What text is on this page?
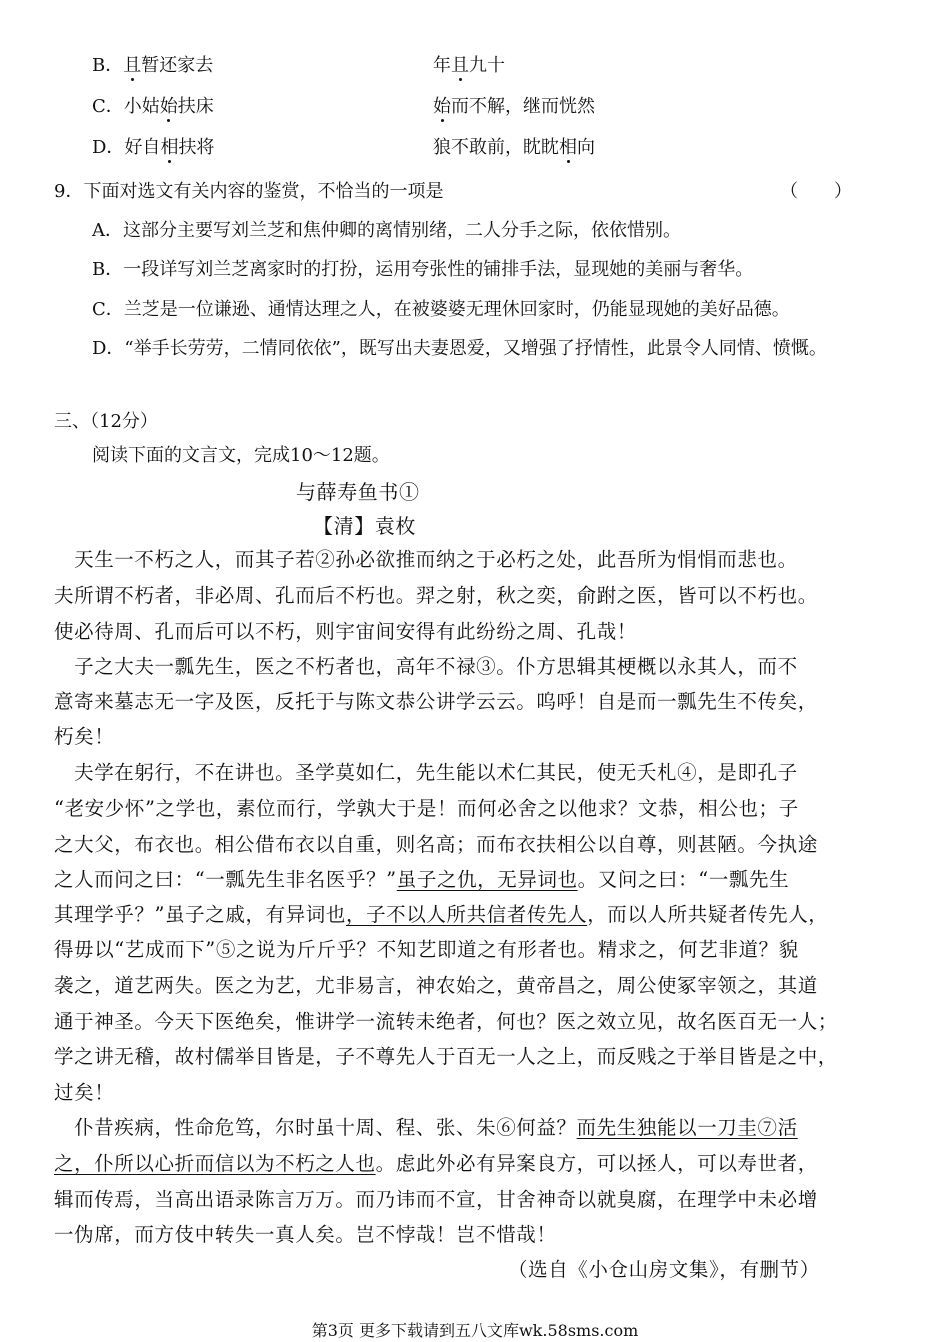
B．且暂还家去	年且九十
C．小姑始扶床	始而不解，继而恍然
D．好自相扶将	狼不敢前，眈眈相向
9．下面对选文有关内容的鉴赏，不恰当的一项是	（　　）
A．这部分主要写刘兰芝和焦仲卿的离情别绪，二人分手之际，依依惜别。
B．一段详写刘兰芝离家时的打扮，运用夸张性的铺排手法，显现她的美丽与奢华。
C．兰芝是一位谦逊、通情达理之人，在被婆婆无理休回家时，仍能显现她的美好品德。
D．“举手长劳劳，二情同依依”，既写出夫妻恩爱，又增强了抒情性，此景令人同情、愤慨。
三、（12分）
阅读下面的文言文，完成10～12题。
与薛寿鱼书①
【清】袁枚
　天生一不朽之人，而其子若②孙必欲推而纳之于必朽之处，此吾所为悁悁而悲也。
夫所谓不朽者，非必周、孔而后不朽也。羿之射，秋之奕，俞跗之医，皆可以不朽也。
使必待周、孔而后可以不朽，则宇宙间安得有此纷纷之周、孔哉！
　子之大夫一瓢先生，医之不朽者也，高年不禄③。仆方思辑其梗概以永其人，而不
意寄来墓志无一字及医，反托于与陈文恭公讲学云云。呜呼！自是而一瓢先生不传矣，
朽矣！
　夫学在躬行，不在讲也。圣学莫如仁，先生能以术仁其民，使无夭札④，是即孔子
“老安少怀”之学也，素位而行，学孰大于是！而何必舍之以他求？文恭，相公也；子
之大父，布衣也。相公借布衣以自重，则名高；而布衣扶相公以自尊，则甚陋。今执途
之人而问之曰：“一瓢先生非名医乎？”虽子之仇，无异词也。又问之曰：“一瓢先生
其理学乎？”虽子之戚，有异词也，子不以人所共信者传先人，而以人所共疑者传先人，
得毋以“艺成而下”⑤之说为斤斤乎？不知艺即道之有形者也。精求之，何艺非道？貌
袭之，道艺两失。医之为艺，尤非易言，神农始之，黄帝昌之，周公使冢宰领之，其道
通于神圣。今天下医绝矣，惟讲学一流转未绝者，何也？医之效立见，故名医百无一人；
学之讲无稽，故村儒举目皆是，子不尊先人于百无一人之上，而反贱之于举目皆是之中，
过矣！
　仆昔疾病，性命危笃，尔时虽十周、程、张、朱⑥何益？而先生独能以一刀圭⑦活
之，仆所以心折而信以为不朽之人也。虑此外必有异案良方，可以拯人，可以寿世者，
辑而传焉，当高出语录陈言万万。而乃讳而不宣，甘舍神奇以就臭腐，在理学中未必增
一伪席，而方伎中转失一真人矣。岂不悖哉！岂不惜哉！
（选自《小仓山房文集》，有删节）
第3页 更多下载请到五八文库wk.58sms.com
